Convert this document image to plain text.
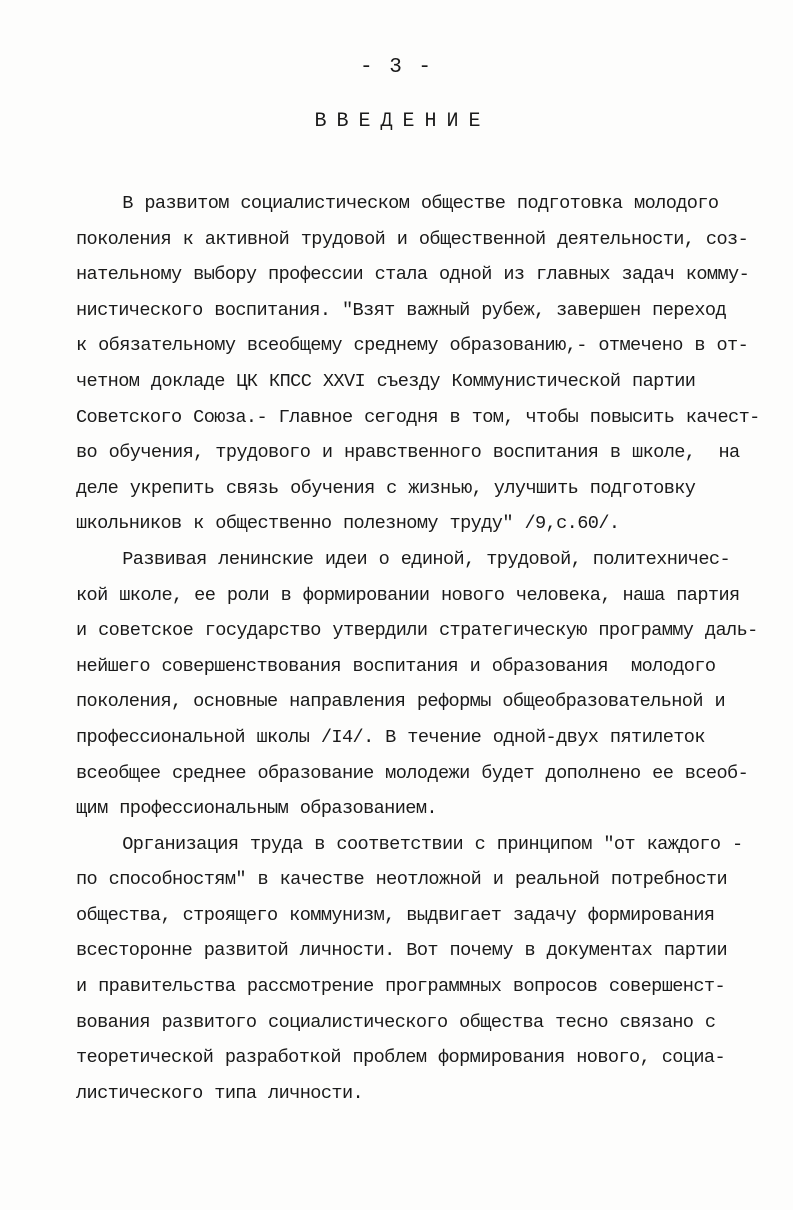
- 3 -
ВВЕДЕНИЕ
В развитом социалистическом обществе подготовка молодого
поколения к активной трудовой и общественной деятельности, соз-
нательному выбору профессии стала одной из главных задач комму-
нистического воспитания. "Взят важный рубеж, завершен переход
к обязательному всеобщему среднему образованию,- отмечено в от-
четном докладе ЦК КПСС XXVI съезду Коммунистической партии
Советского Союза.- Главное сегодня в том, чтобы повысить качест-
во обучения, трудового и нравственного воспитания в школе,  на
деле укрепить связь обучения с жизнью, улучшить подготовку
школьников к общественно полезному труду" /9,с.60/.
Развивая ленинские идеи о единой, трудовой, политехничес-
кой школе, ее роли в формировании нового человека, наша партия
и советское государство утвердили стратегическую программу даль-
нейшего совершенствования воспитания и образования  молодого
поколения, основные направления реформы общеобразовательной и
профессиональной школы /I4/. В течение одной-двух пятилеток
всеобщее среднее образование молодежи будет дополнено ее всеоб-
щим профессиональным образованием.
Организация труда в соответствии с принципом "от каждого -
по способностям" в качестве неотложной и реальной потребности
общества, строящего коммунизм, выдвигает задачу формирования
всесторонне развитой личности. Вот почему в документах партии
и правительства рассмотрение программных вопросов совершенст-
вования развитого социалистического общества тесно связано с
теоретической разработкой проблем формирования нового, социа-
листического типа личности.
